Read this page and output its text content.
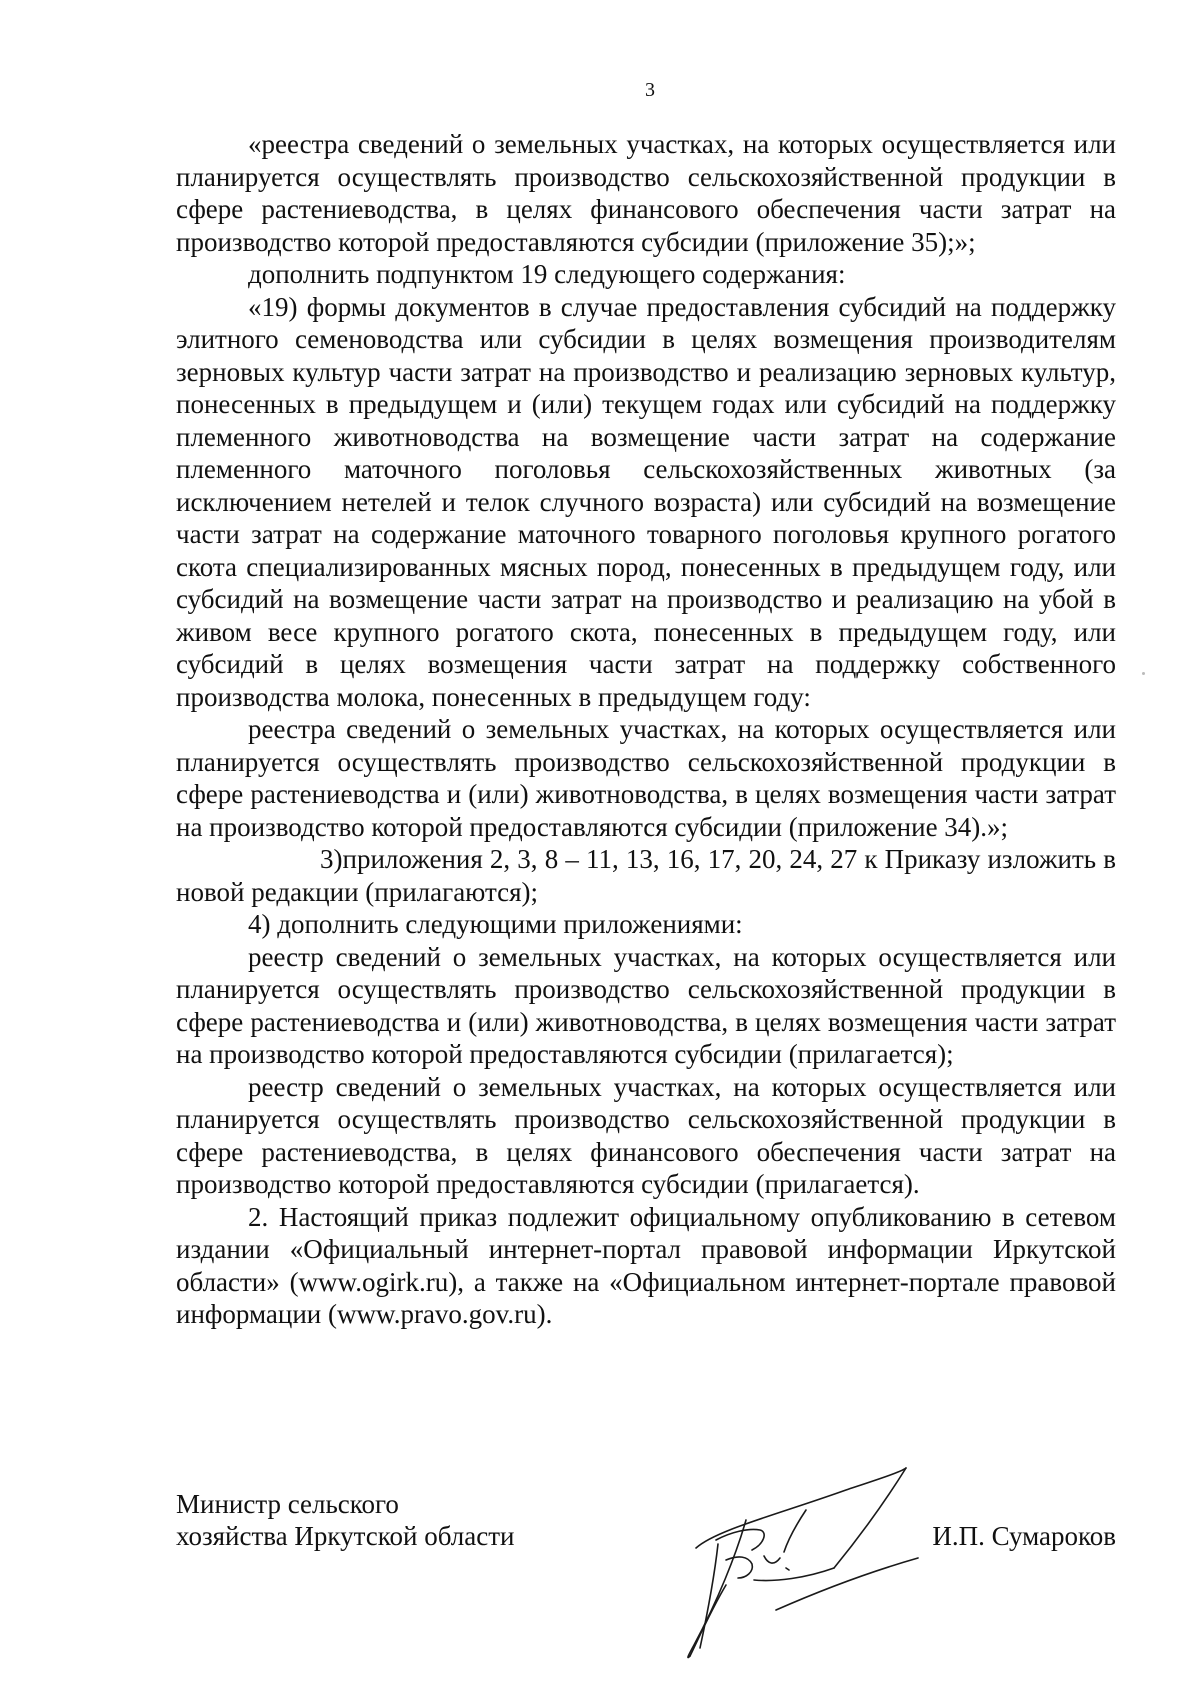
3

«реестра сведений о земельных участках, на которых осуществляется или планируется осуществлять производство сельскохозяйственной продукции в сфере растениеводства, в целях финансового обеспечения части затрат на производство которой предоставляются субсидии (приложение 35);»;

дополнить подпунктом 19 следующего содержания:

«19) формы документов в случае предоставления субсидий на поддержку элитного семеноводства или субсидии в целях возмещения производителям зерновых культур части затрат на производство и реализацию зерновых культур, понесенных в предыдущем и (или) текущем годах или субсидий на поддержку племенного животноводства на возмещение части затрат на содержание племенного маточного поголовья сельскохозяйственных животных (за исключением нетелей и телок случного возраста) или субсидий на возмещение части затрат на содержание маточного товарного поголовья крупного рогатого скота специализированных мясных пород, понесенных в предыдущем году, или субсидий на возмещение части затрат на производство и реализацию на убой в живом весе крупного рогатого скота, понесенных в предыдущем году, или субсидий в целях возмещения части затрат на поддержку собственного производства молока, понесенных в предыдущем году:

реестра сведений о земельных участках, на которых осуществляется или планируется осуществлять производство сельскохозяйственной продукции в сфере растениеводства и (или) животноводства, в целях возмещения части затрат на производство которой предоставляются субсидии (приложение 34).»;

3)приложения 2, 3, 8 – 11, 13, 16, 17, 20, 24, 27 к Приказу изложить в новой редакции (прилагаются);

4) дополнить следующими приложениями:

реестр сведений о земельных участках, на которых осуществляется или планируется осуществлять производство сельскохозяйственной продукции в сфере растениеводства и (или) животноводства, в целях возмещения части затрат на производство которой предоставляются субсидии (прилагается);

реестр сведений о земельных участках, на которых осуществляется или планируется осуществлять производство сельскохозяйственной продукции в сфере растениеводства, в целях финансового обеспечения части затрат на производство которой предоставляются субсидии (прилагается).

2. Настоящий приказ подлежит официальному опубликованию в сетевом издании «Официальный интернет-портал правовой информации Иркутской области» (www.ogirk.ru), а также на «Официальном интернет-портале правовой информации (www.pravo.gov.ru).

Министр сельского
хозяйства Иркутской области	И.П. Сумароков
